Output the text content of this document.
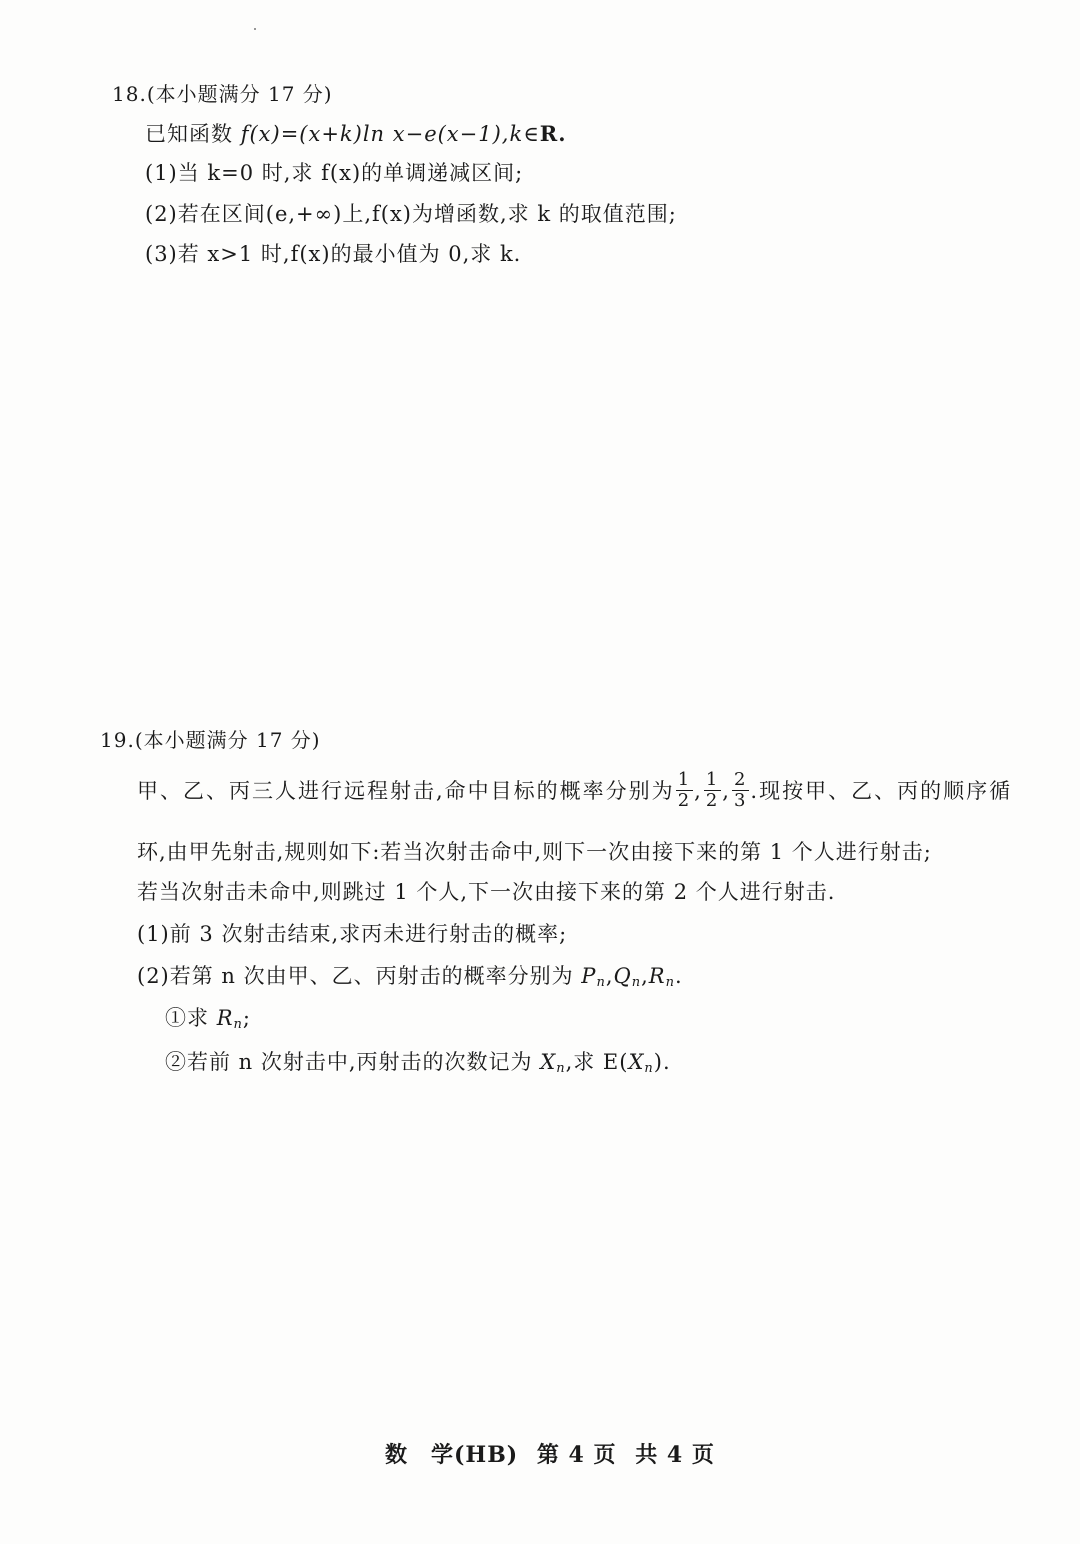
18.(本小题满分 17 分)
已知函数 f(x)=(x+k)ln x−e(x−1),k∈R.
(1)当 k=0 时,求 f(x)的单调递减区间;
(2)若在区间(e,+∞)上,f(x)为增函数,求 k 的取值范围;
(3)若 x>1 时,f(x)的最小值为 0,求 k.
19.(本小题满分 17 分)
甲、乙、丙三人进行远程射击,命中目标的概率分别为 $\frac{1}{2}$ , $\frac{1}{2}$ , $\frac{2}{3}$ .现按甲、乙、丙的顺序循
环,由甲先射击,规则如下:若当次射击命中,则下一次由接下来的第 1 个人进行射击;
若当次射击未命中,则跳过 1 个人,下一次由接下来的第 2 个人进行射击.
(1)前 3 次射击结束,求丙未进行射击的概率;
(2)若第 n 次由甲、乙、丙射击的概率分别为 $P_n,Q_n,R_n$.
①求 $R_n$;
②若前 n 次射击中,丙射击的次数记为 $X_n$,求 $E(X_n)$.
数　学(HB) 第 4 页 共 4 页
